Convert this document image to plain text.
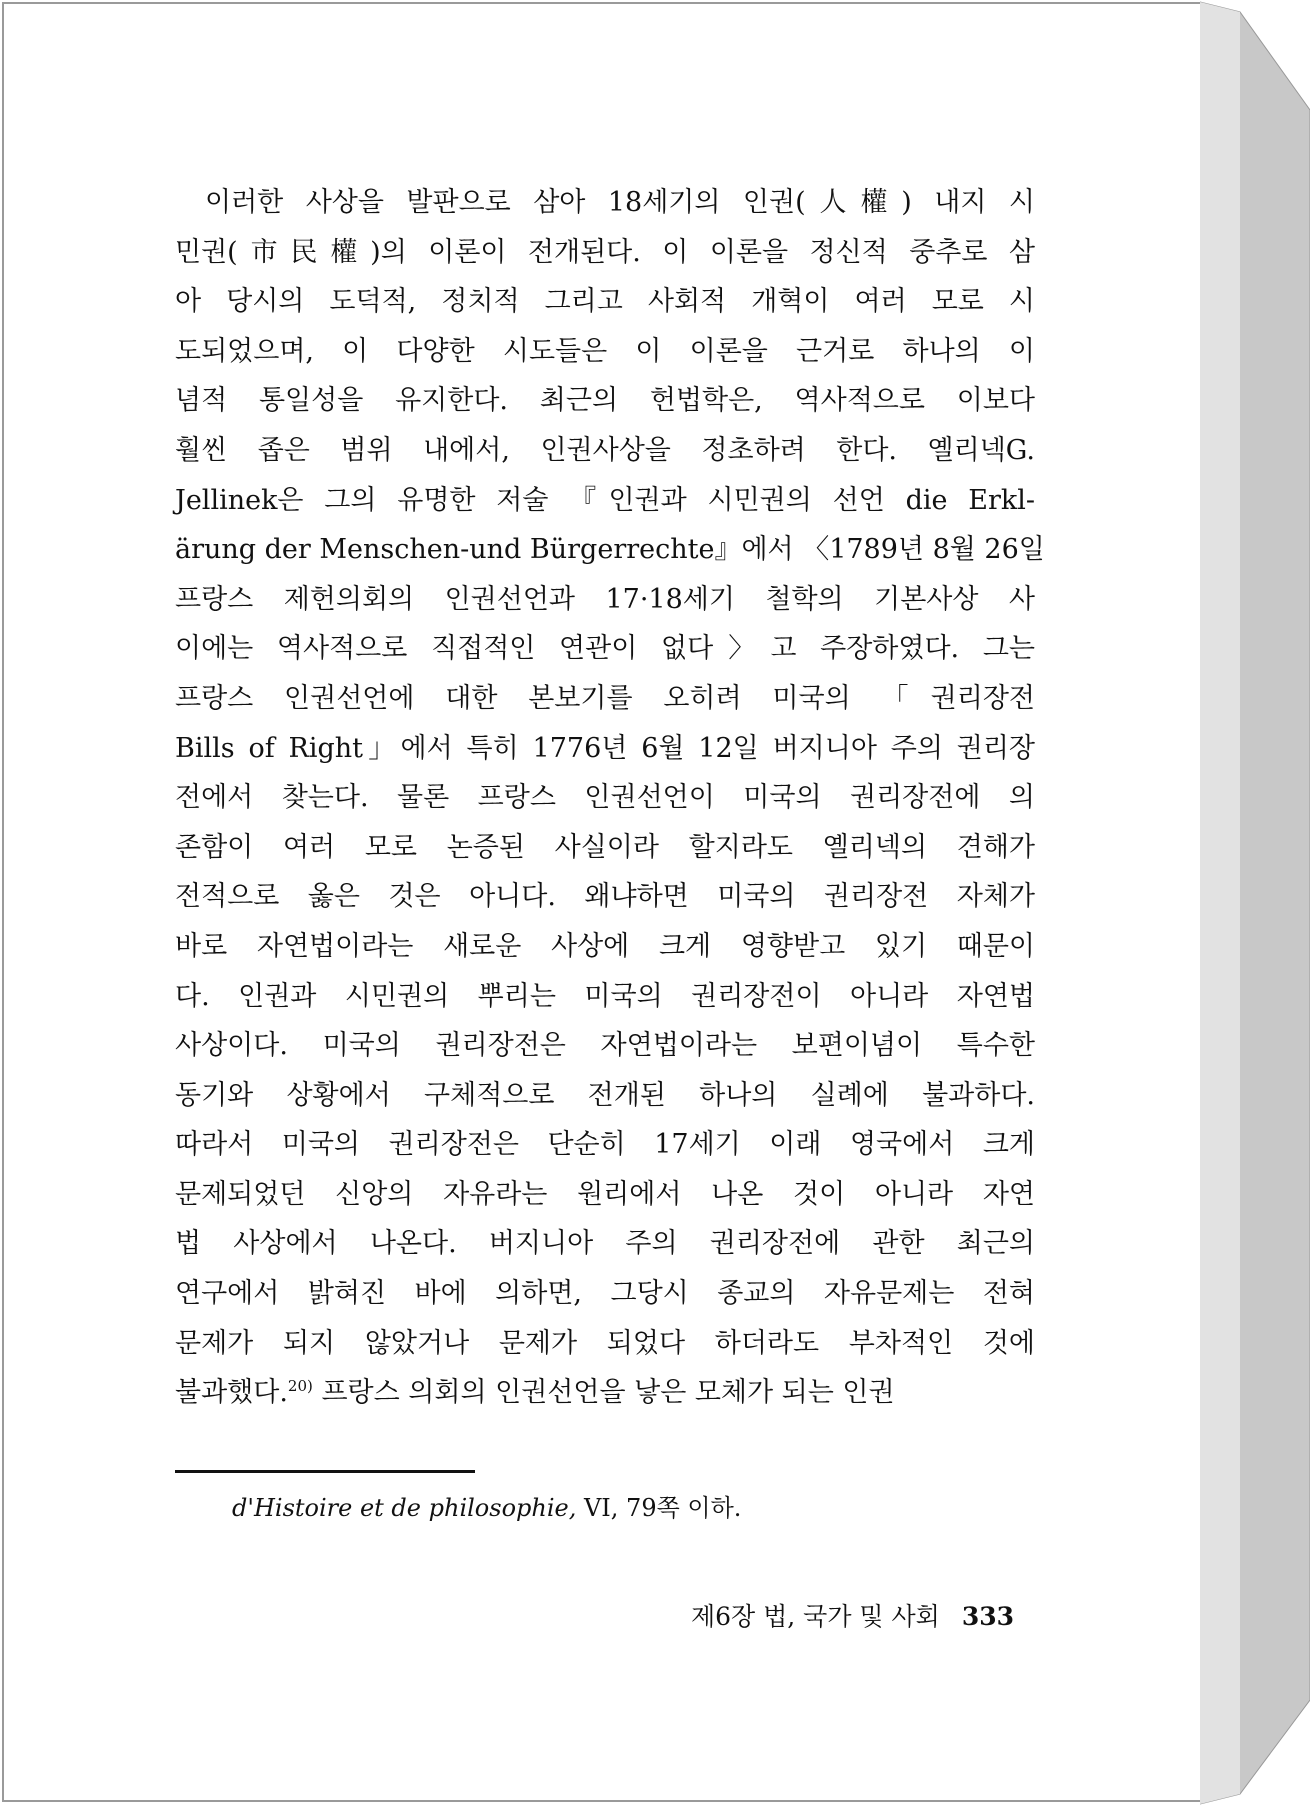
이러한 사상을 발판으로 삼아 18세기의 인권(人權) 내지 시
민권(市民權)의 이론이 전개된다. 이 이론을 정신적 중추로 삼
아 당시의 도덕적, 정치적 그리고 사회적 개혁이 여러 모로 시
도되었으며, 이 다양한 시도들은 이 이론을 근거로 하나의 이
념적 통일성을 유지한다. 최근의 헌법학은, 역사적으로 이보다
훨씬 좁은 범위 내에서, 인권사상을 정초하려 한다. 옐리넥G.
Jellinek은 그의 유명한 저술 『인권과 시민권의 선언 die Erkl-
ärung der Menschen-und Bürgerrechte』에서 〈1789년 8월 26일
프랑스 제헌의회의 인권선언과 17·18세기 철학의 기본사상 사
이에는 역사적으로 직접적인 연관이 없다〉고 주장하였다. 그는
프랑스 인권선언에 대한 본보기를 오히려 미국의 「권리장전
Bills of Right」에서 특히 1776년 6월 12일 버지니아 주의 권리장
전에서 찾는다. 물론 프랑스 인권선언이 미국의 권리장전에 의
존함이 여러 모로 논증된 사실이라 할지라도 옐리넥의 견해가
전적으로 옳은 것은 아니다. 왜냐하면 미국의 권리장전 자체가
바로 자연법이라는 새로운 사상에 크게 영향받고 있기 때문이
다. 인권과 시민권의 뿌리는 미국의 권리장전이 아니라 자연법
사상이다. 미국의 권리장전은 자연법이라는 보편이념이 특수한
동기와 상황에서 구체적으로 전개된 하나의 실례에 불과하다.
따라서 미국의 권리장전은 단순히 17세기 이래 영국에서 크게
문제되었던 신앙의 자유라는 원리에서 나온 것이 아니라 자연
법 사상에서 나온다. 버지니아 주의 권리장전에 관한 최근의
연구에서 밝혀진 바에 의하면, 그당시 종교의 자유문제는 전혀
문제가 되지 않았거나 문제가 되었다 하더라도 부차적인 것에
불과했다.$^{20)}$ 프랑스 의회의 인권선언을 낳은 모체가 되는 인권
d'Histoire et de philosophie, VI, 79쪽 이하.
제6장 법, 국가 및 사회 333
